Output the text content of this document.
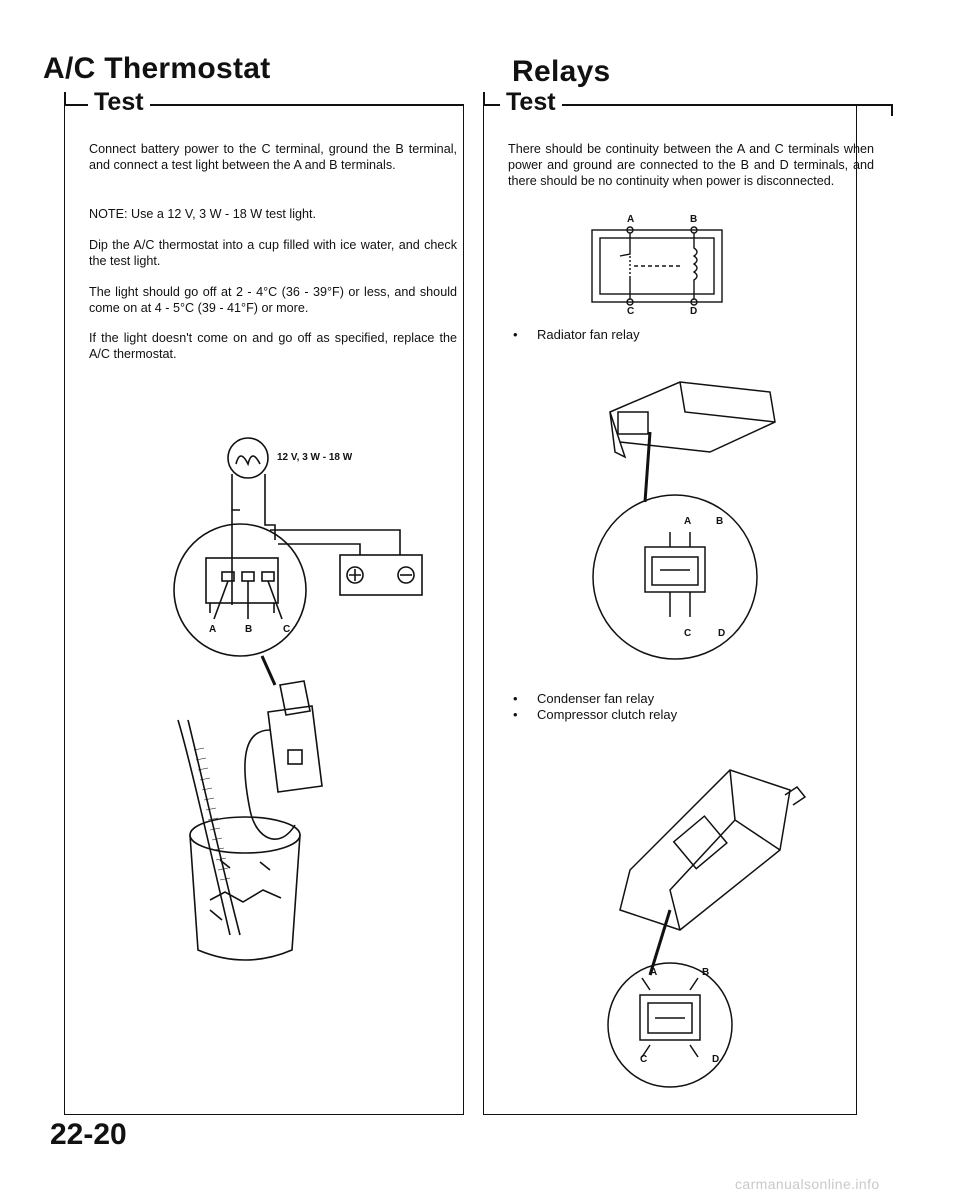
A/C Thermostat	Relays
Test	Test
Connect battery power to the C terminal, ground the B terminal, and connect a test light between the A and B terminals.
NOTE: Use a 12 V, 3 W - 18 W test light.
Dip the A/C thermostat into a cup filled with ice water, and check the test light.
The light should go off at 2 - 4°C (36 - 39°F) or less, and should come on at 4 - 5°C (39 - 41°F) or more.
If the light doesn't come on and go off as specified, replace the A/C thermostat.
12 V, 3 W - 18 W
A	B	C
There should be continuity between the A and C terminals when power and ground are connected to the B and D terminals, and there should be no continuity when power is disconnected.
A	B
C	D
• Radiator fan relay
A B
C	D
• Condenser fan relay
• Compressor clutch relay
A	B
C	D
22-20
carmanualsonline.info
